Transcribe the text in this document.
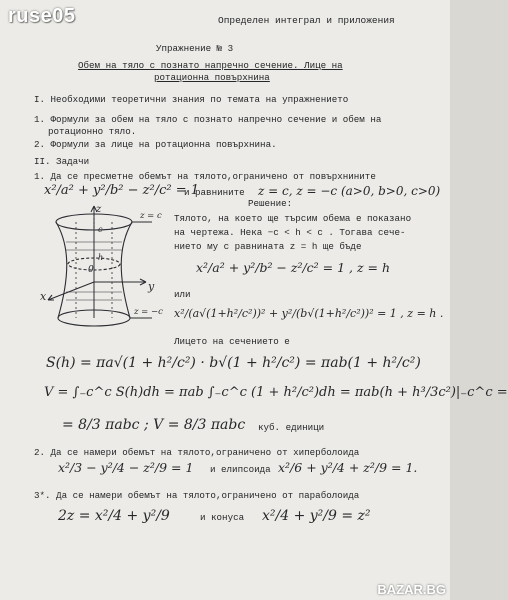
ruse05	Определен интеграл и приложения
Упражнение № 3
Обем на тяло с познато напречно сечение. Лице на
ротационна повърхнина
I. Необходими теоретични знания по темата на упражнението
1. Формули за обем на тяло с познато напречно сечение и обем на
ротационно тяло.
2. Формули за лице на ротационна повърхнина.
II. Задачи
1. Да се пресметне обемът на тялото,ограничено от повърхнините
x²/a² + y²/b² − z²/c² = 1
и равнините z = c, z = −c (a>0, b>0, c>0)
z
y
x
0
c
h
z = c
z = −c
Решение:
Тялото, на което ще търсим обема е показано
на чертежа. Нека −c < h < c . Тогава сече-
нието му с равнината z = h ще бъде
x²/a² + y²/b² − z²/c² = 1 , z = h
или
x²/(a√(1+h²/c²))² + y²/(b√(1+h²/c²))² = 1 , z = h .
Лицето на сечението е
S(h) = πa√(1 + h²/c²) · b√(1 + h²/c²) = πab(1 + h²/c²)
V = ∫₋c^c S(h)dh = πab ∫₋c^c (1 + h²/c²)dh = πab(h + h³/3c²)|₋c^c =
= 8/3 πabc ; V = 8/3 πabc куб. единици
2. Да се намери обемът на тялото,ограничено от хиперболоида
x²/3 − y²/4 − z²/9 = 1 и елипсоида x²/6 + y²/4 + z²/9 = 1.
3*. Да се намери обемът на тялото,ограничено от параболоида
2z = x²/4 + y²/9	и конуса x²/4 + y²/9 = z²
BAZAR.BG
